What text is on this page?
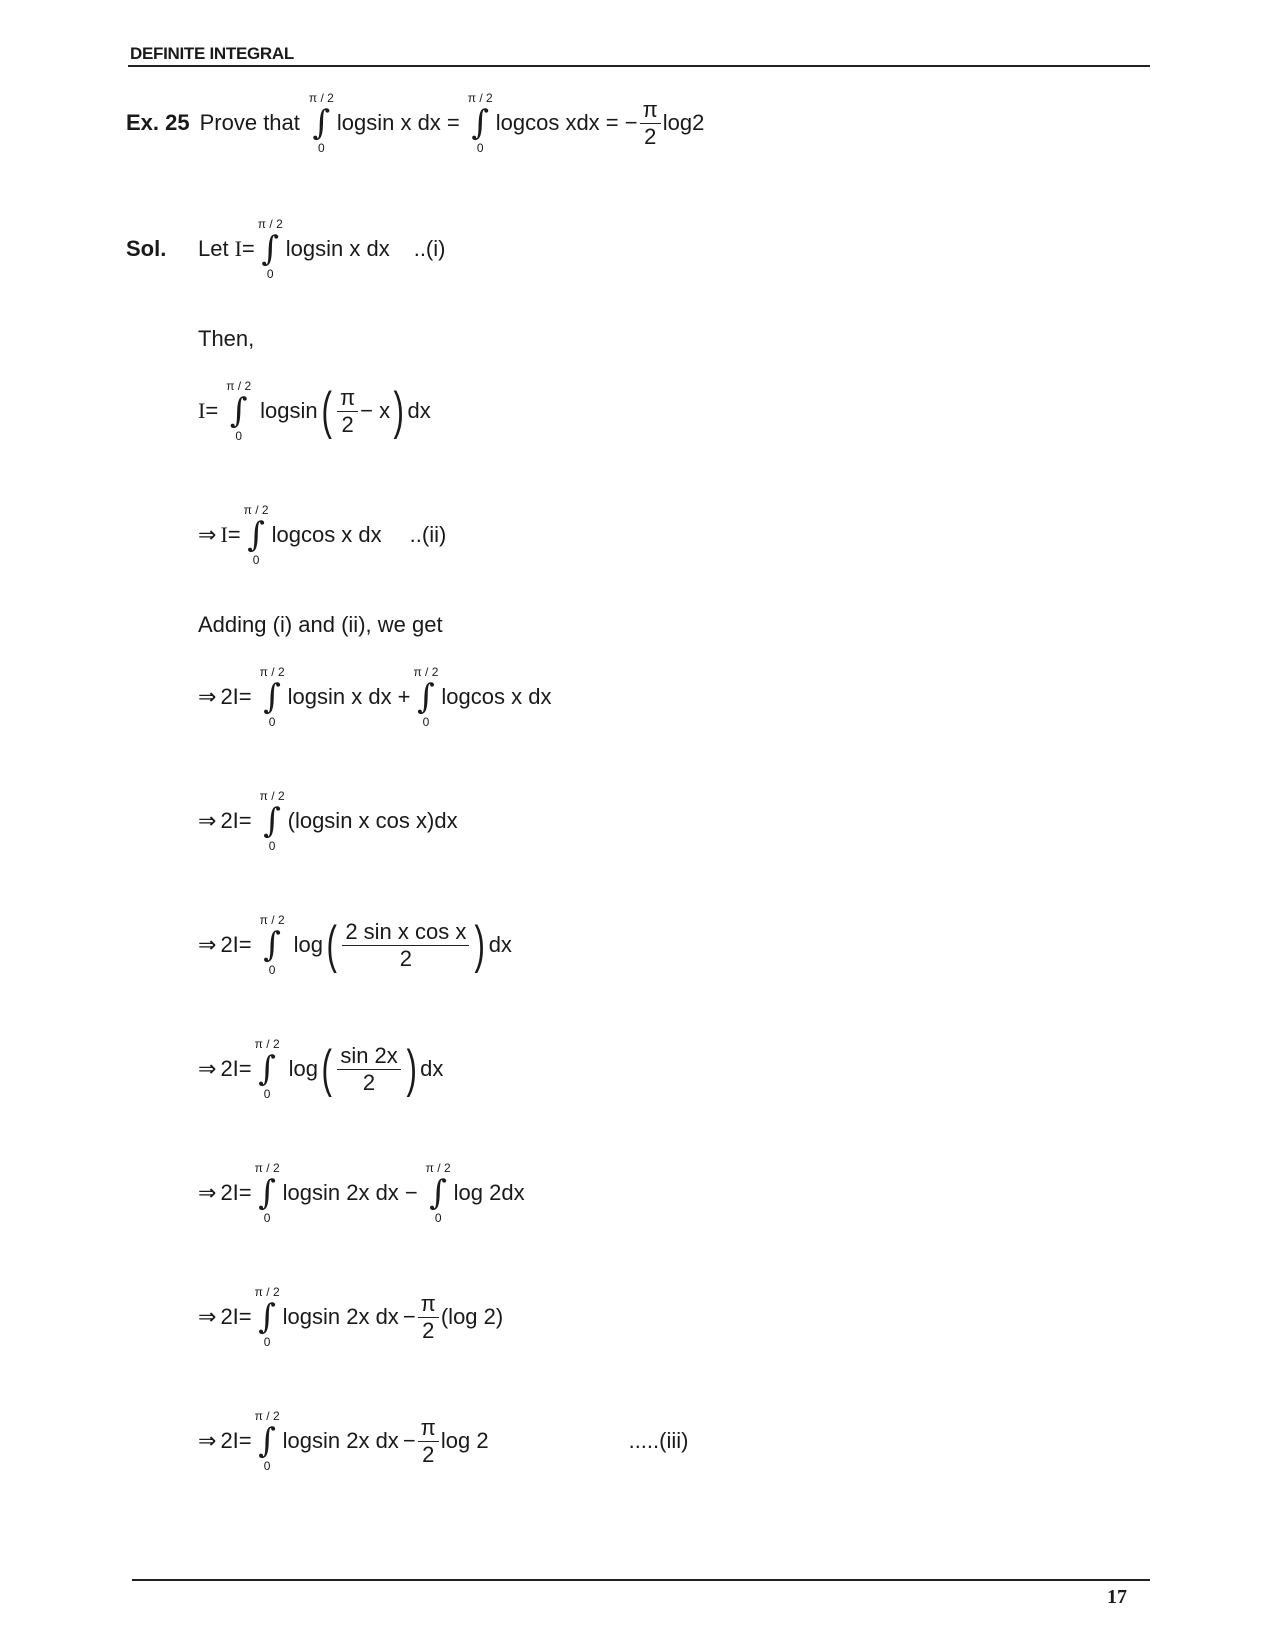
DEFINITE INTEGRAL
Ex. 25 Prove that
π / 2
∫
0
logsin x dx =
π / 2
∫
0
logcos xdx = − $\frac{\pi}{2} \log 2$
Sol.	Let I =
π / 2
∫
0
logsin x dx ..(i)
Then,
I =
π / 2
∫
0
logsin ( $\frac{\pi}{2} - x$ ) dx
⇒ I =
π / 2
∫
0
logcos x dx ..(ii)
Adding (i) and (ii), we get
⇒ 2I =
π / 2
∫
0
logsin x dx +
π / 2
∫
0
logcos x dx
⇒ 2I =
π / 2
∫
0
(logsin x cos x)dx
⇒ 2I =
π / 2
∫
0
log ( $\frac{\text{2 sin x cos x}}{2}$ ) dx
⇒ 2I =
π / 2
∫
0
log ( $\frac{\sin 2x}{2}$ ) dx
⇒ 2I =
π / 2
∫
0
logsin 2x dx −
π / 2
∫
0
log 2dx
⇒ 2I =
π / 2
∫
0
logsin 2x dx − $\frac{\pi}{2} (\log$ 2)
⇒ 2I =
π / 2
∫
0
logsin 2x dx − $\frac{\pi}{2}$ log 2	.....(iii)
17
